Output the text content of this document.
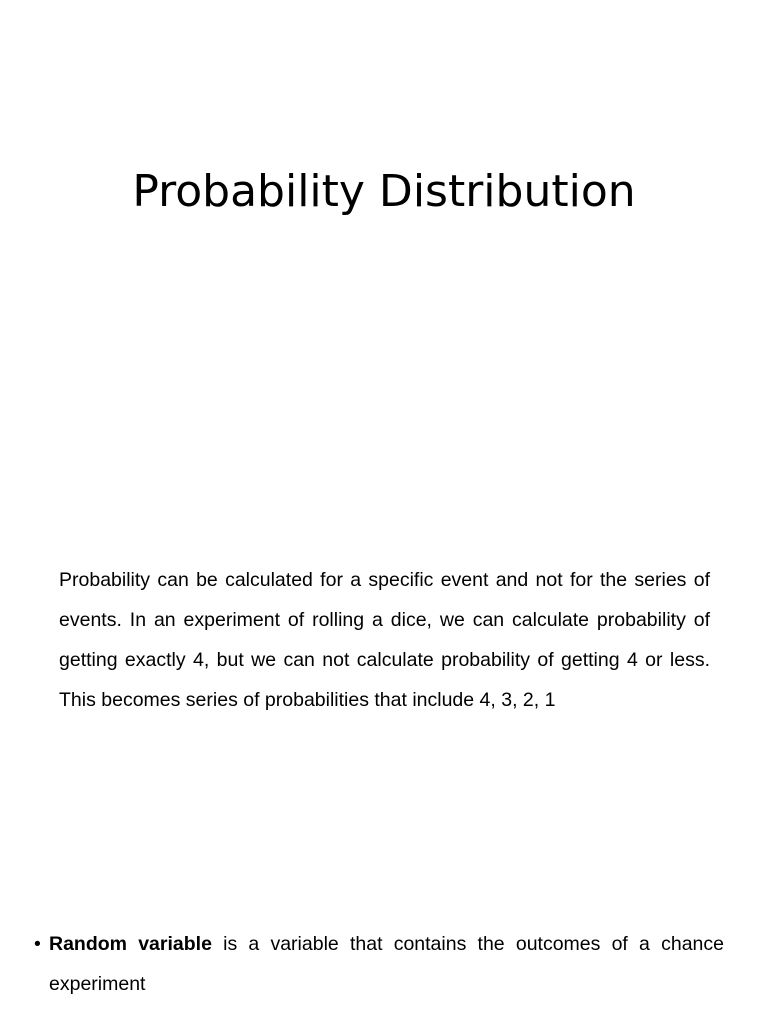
Probability Distribution

Probability can be calculated for a specific event and not for the series of events. In an experiment of rolling a dice, we can calculate probability of getting exactly 4, but we can not calculate probability of getting 4 or less. This becomes series of probabilities that include 4, 3, 2, 1

• Random variable is a variable that contains the outcomes of a chance experiment
